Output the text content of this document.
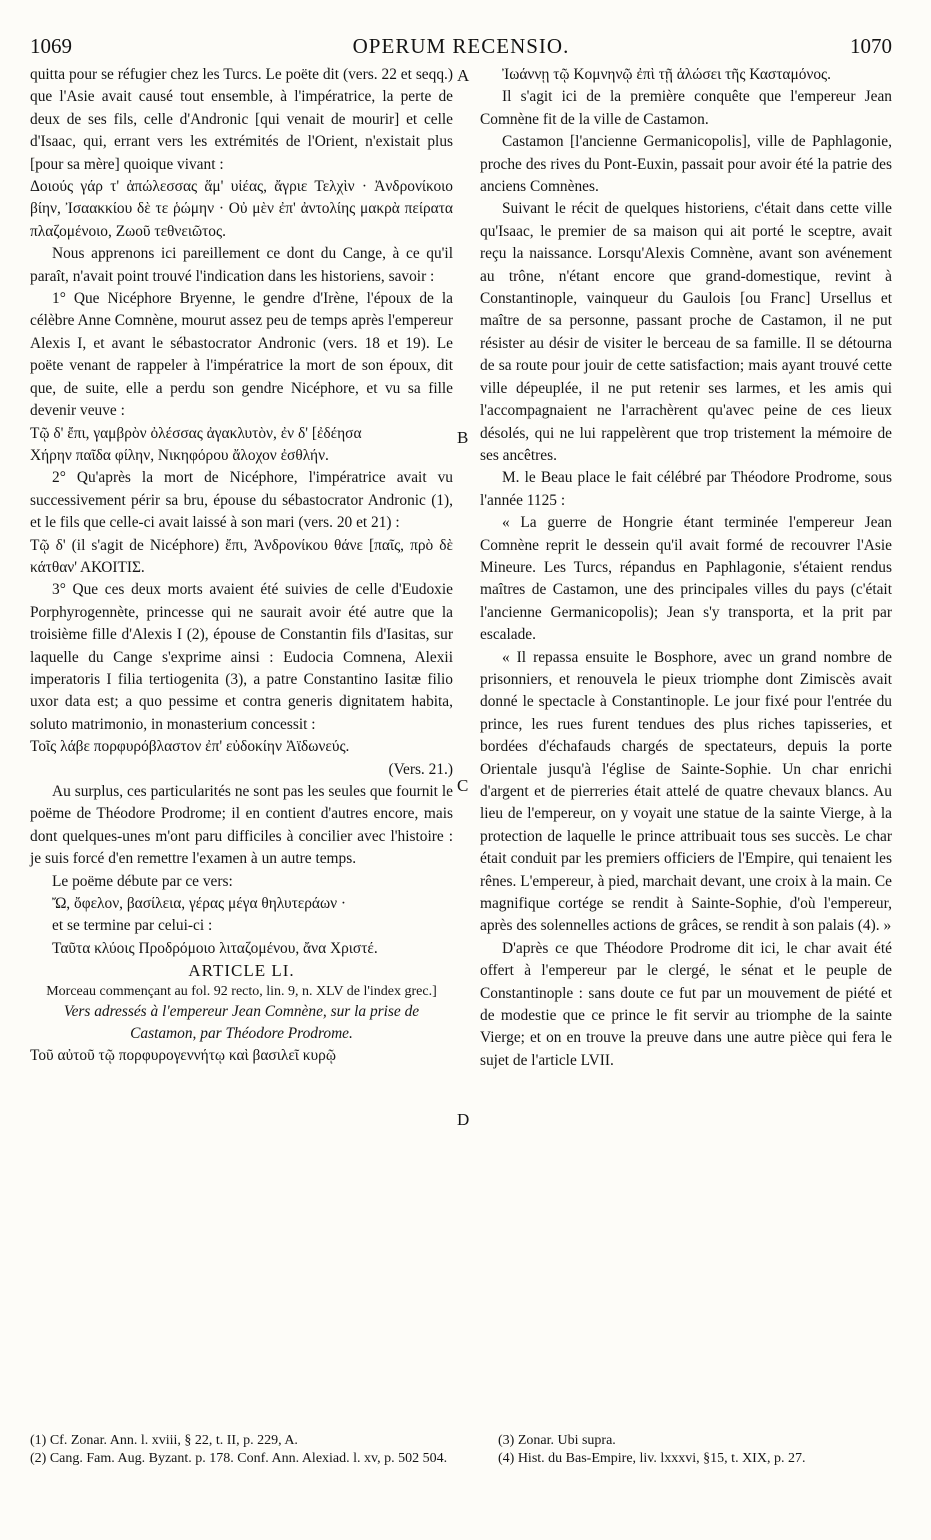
OPERUM RECENSIO.
1069	1070
A
B
C
D

quitta pour se réfugier chez les Turcs. Le poëte dit (vers. 22 et seqq.) que l'Asie avait causé tout ensemble, à l'impératrice, la perte de deux de ses fils, celle d'Andronic [qui venait de mourir] et celle d'Isaac, qui, errant vers les extrémités de l'Orient, n'existait plus [pour sa mère] quoique vivant :

Δοιούς γάρ τ' ἀπώλεσσας ἅμ' υἱέας, ἄγριε Τελχὶν · Ἀνδρονίκοιο βίην, Ἰσαακκίου δὲ τε ῥώμην · Οὐ μὲν ἐπ' ἀντολίης μακρὰ πείρατα πλαζομένοιο, Ζωοῦ τεθνειῶτος.

Nous apprenons ici pareillement ce dont du Cange, à ce qu'il paraît, n'avait point trouvé l'indication dans les historiens, savoir :

1° Que Nicéphore Bryenne, le gendre d'Irène, l'époux de la célèbre Anne Comnène, mourut assez peu de temps après l'empereur Alexis I, et avant le sébastocrator Andronic (vers. 18 et 19). Le poëte venant de rappeler à l'impératrice la mort de son époux, dit que, de suite, elle a perdu son gendre Nicéphore, et vu sa fille devenir veuve :

Τῷ δ' ἔπι, γαμβρὸν ὀλέσσας ἀγακλυτὸν, ἐν δ' [ἐδέησα

Χήρην παῖδα φίλην, Νικηφόρου ἄλοχον ἐσθλήν.

2° Qu'après la mort de Nicéphore, l'impératrice avait vu successivement périr sa bru, épouse du sébastocrator Andronic (1), et le fils que celle-ci avait laissé à son mari (vers. 20 et 21) :

Τῷ δ' (il s'agit de Nicéphore) ἔπι, Ἀνδρονίκου θάνε [παῖς, πρὸ δὲ κάτθαν' ΑΚΟΙΤΙΣ.

3° Que ces deux morts avaient été suivies de celle d'Eudoxie Porphyrogennète, princesse qui ne saurait avoir été autre que la troisième fille d'Alexis I (2), épouse de Constantin fils d'Iasitas, sur laquelle du Cange s'exprime ainsi : Eudocia Comnena, Alexii imperatoris I filia tertiogenita (3), a patre Constantino Iasitæ filio uxor data est; a quo pessime et contra generis dignitatem habita, soluto matrimonio, in monasterium concessit :

Τοῖς λάβε πορφυρόβλαστον ἐπ' εὐδοκίην Ἀϊδωνεύς.

(Vers. 21.)

Au surplus, ces particularités ne sont pas les seules que fournit le poëme de Théodore Prodrome; il en contient d'autres encore, mais dont quelques-unes m'ont paru difficiles à concilier avec l'histoire : je suis forcé d'en remettre l'examen à un autre temps.

Le poëme débute par ce vers:

Ὤ, ὄφελον, βασίλεια, γέρας μέγα θηλυτεράων ·

et se termine par celui-ci :

Ταῦτα κλύοις Προδρόμοιο λιταζομένου, ἄνα Χριστέ.

ARTICLE LI.

Morceau commençant au fol. 92 recto, lin. 9, n. XLV de l'index grec.]

Vers adressés à l'empereur Jean Comnène, sur la prise de Castamon, par Théodore Prodrome.

Τοῦ αὐτοῦ τῷ πορφυρογεννήτῳ καὶ βασιλεῖ κυρῷ

Ἰωάννῃ τῷ Κομνηνῷ ἐπὶ τῇ ἁλώσει τῆς Κασταμόνος.

Il s'agit ici de la première conquête que l'empereur Jean Comnène fit de la ville de Castamon.

Castamon [l'ancienne Germanicopolis], ville de Paphlagonie, proche des rives du Pont-Euxin, passait pour avoir été la patrie des anciens Comnènes.

Suivant le récit de quelques historiens, c'était dans cette ville qu'Isaac, le premier de sa maison qui ait porté le sceptre, avait reçu la naissance. Lorsqu'Alexis Comnène, avant son avénement au trône, n'étant encore que grand-domestique, revint à Constantinople, vainqueur du Gaulois [ou Franc] Ursellus et maître de sa personne, passant proche de Castamon, il ne put résister au désir de visiter le berceau de sa famille. Il se détourna de sa route pour jouir de cette satisfaction; mais ayant trouvé cette ville dépeuplée, il ne put retenir ses larmes, et les amis qui l'accompagnaient ne l'arrachèrent qu'avec peine de ces lieux désolés, qui ne lui rappelèrent que trop tristement la mémoire de ses ancêtres.

M. le Beau place le fait célébré par Théodore Prodrome, sous l'année 1125 :

« La guerre de Hongrie étant terminée l'empereur Jean Comnène reprit le dessein qu'il avait formé de recouvrer l'Asie Mineure. Les Turcs, répandus en Paphlagonie, s'étaient rendus maîtres de Castamon, une des principales villes du pays (c'était l'ancienne Germanicopolis); Jean s'y transporta, et la prit par escalade.

« Il repassa ensuite le Bosphore, avec un grand nombre de prisonniers, et renouvela le pieux triomphe dont Zimiscès avait donné le spectacle à Constantinople. Le jour fixé pour l'entrée du prince, les rues furent tendues des plus riches tapisseries, et bordées d'échafauds chargés de spectateurs, depuis la porte Orientale jusqu'à l'église de Sainte-Sophie. Un char enrichi d'argent et de pierreries était attelé de quatre chevaux blancs. Au lieu de l'empereur, on y voyait une statue de la sainte Vierge, à la protection de laquelle le prince attribuait tous ses succès. Le char était conduit par les premiers officiers de l'Empire, qui tenaient les rênes. L'empereur, à pied, marchait devant, une croix à la main. Ce magnifique cortége se rendit à Sainte-Sophie, d'où l'empereur, après des solennelles actions de grâces, se rendit à son palais (4). »

D'après ce que Théodore Prodrome dit ici, le char avait été offert à l'empereur par le clergé, le sénat et le peuple de Constantinople : sans doute ce fut par un mouvement de piété et de modestie que ce prince le fit servir au triomphe de la sainte Vierge; et on en trouve la preuve dans une autre pièce qui fera le sujet de l'article LVII.

(1) Cf. Zonar. Ann. l. xviii, § 22, t. II, p. 229, A.

(2) Cang. Fam. Aug. Byzant. p. 178. Conf. Ann. Alexiad. l. xv, p. 502 504.

(3) Zonar. Ubi supra.

(4) Hist. du Bas-Empire, liv. lxxxvi, §15, t. XIX, p. 27.
